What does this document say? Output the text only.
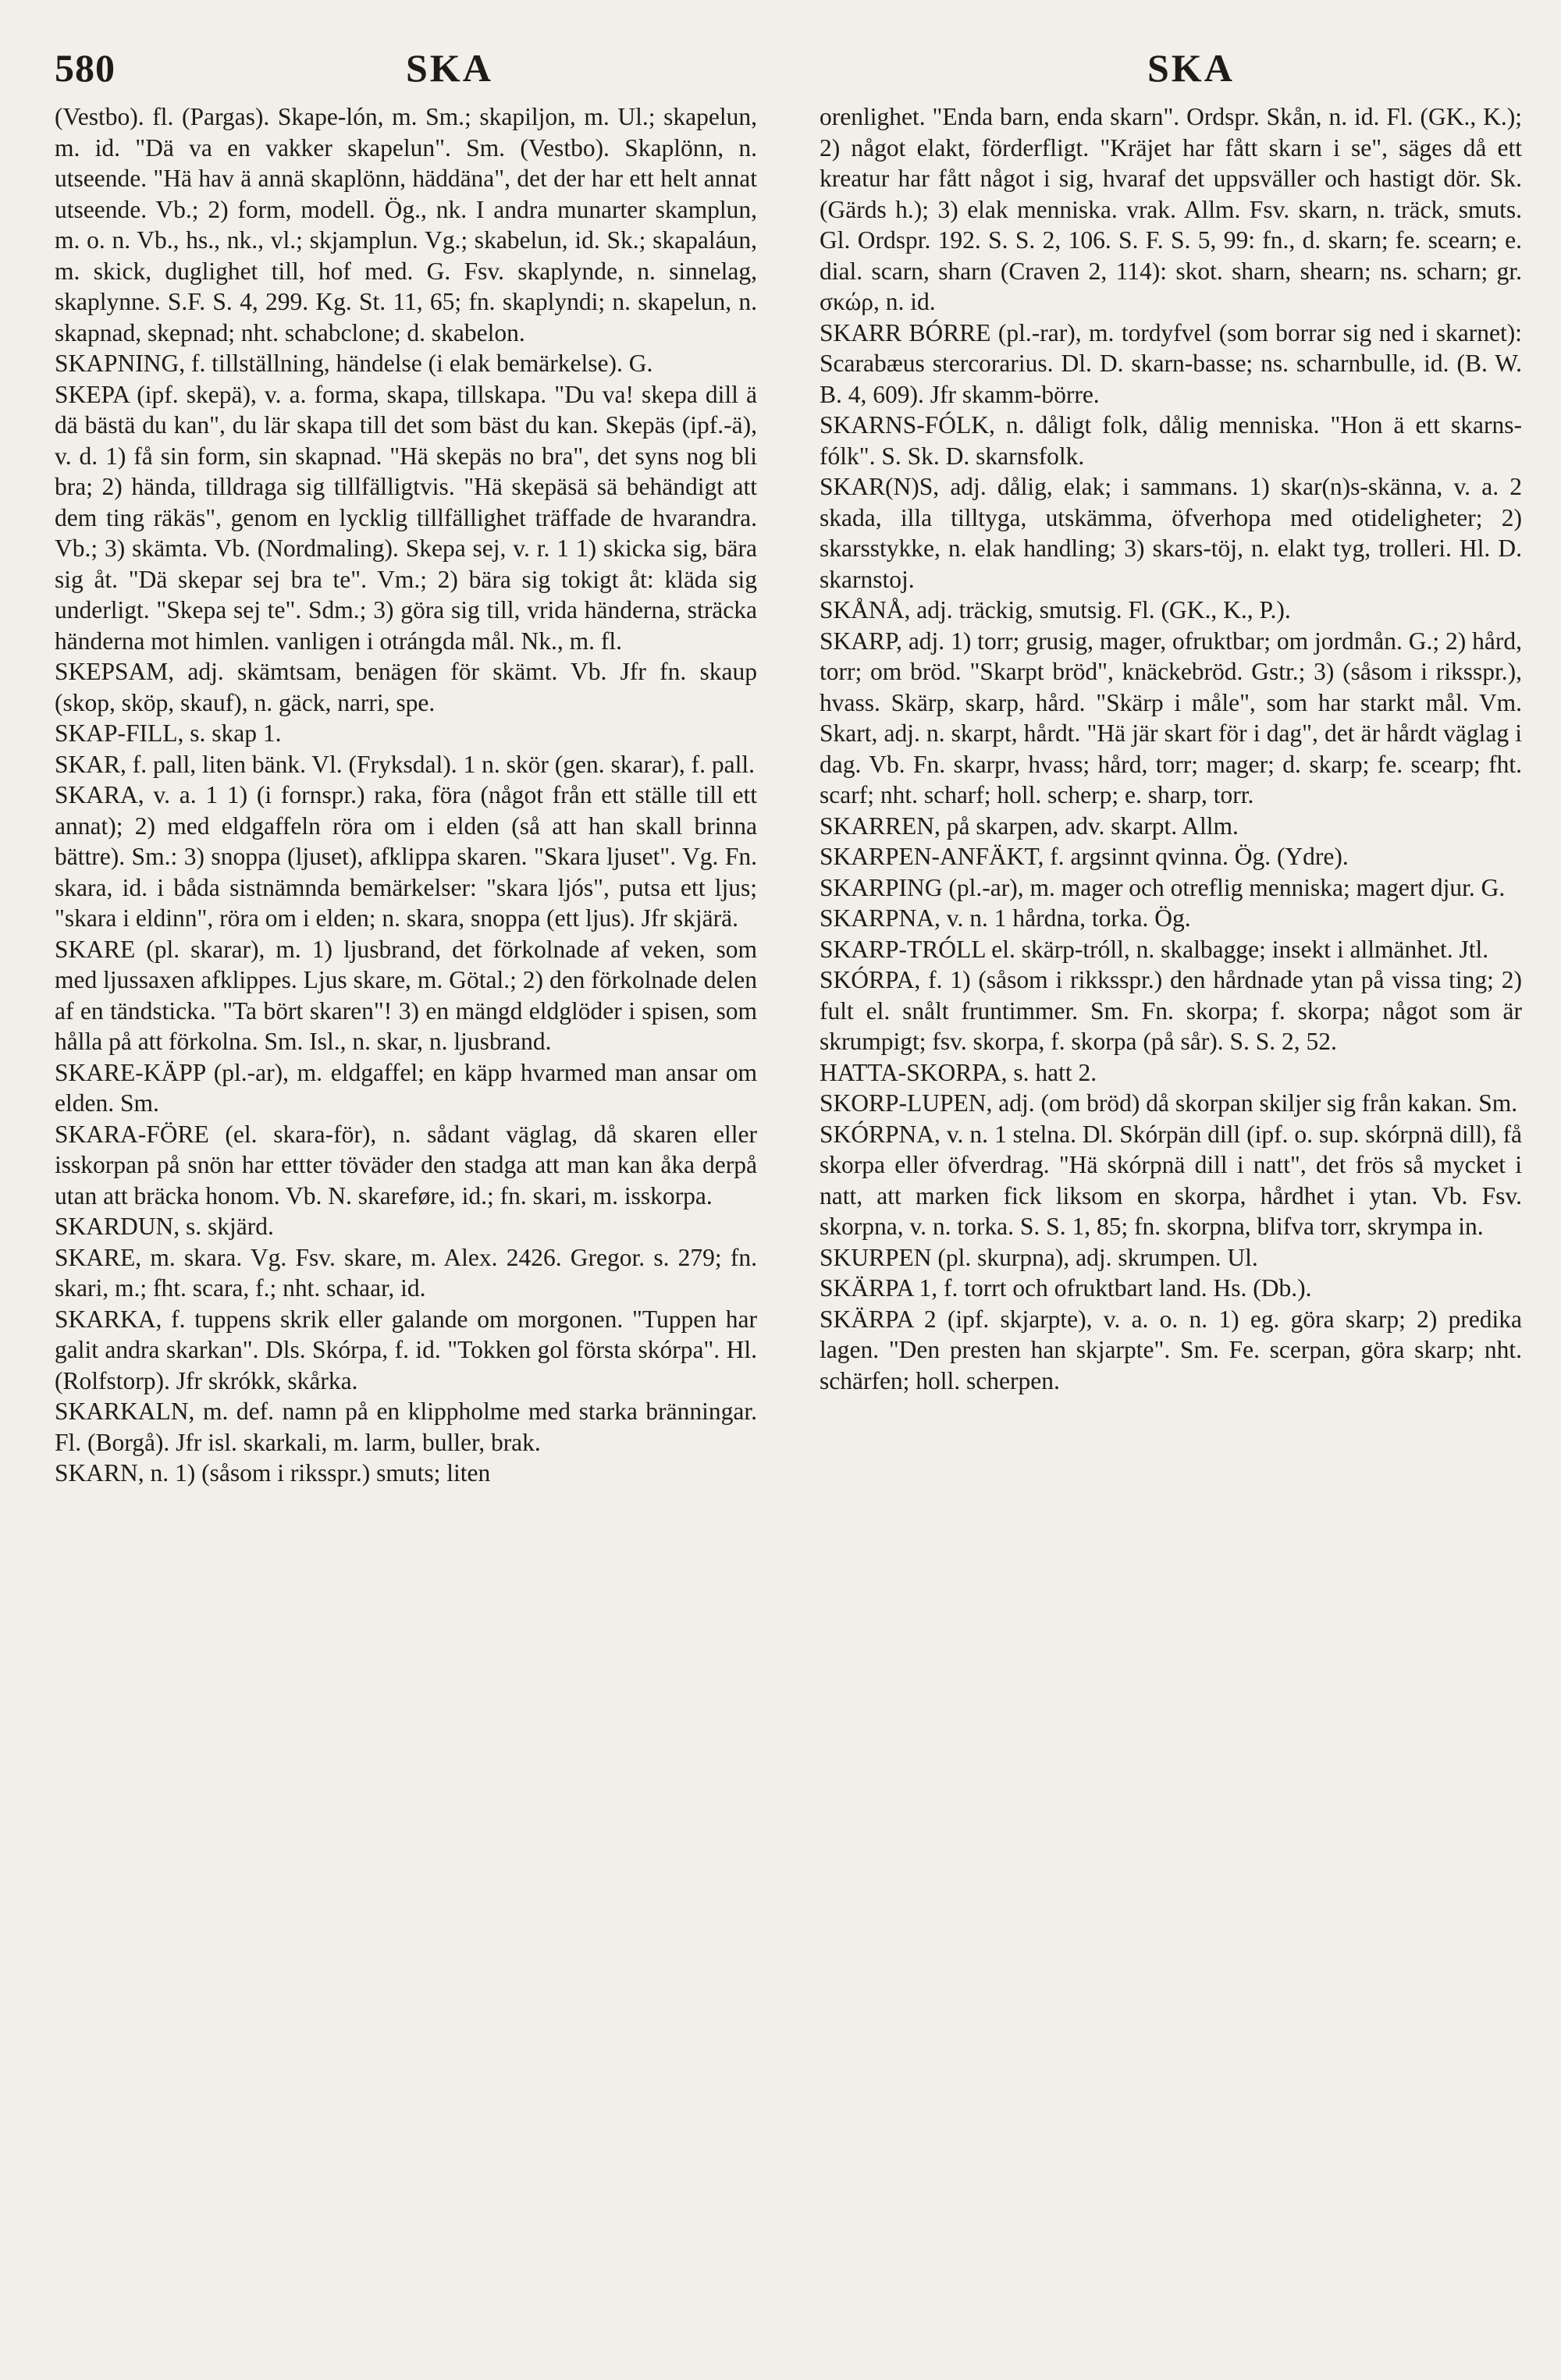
580	SKA	SKA

(Vestbo). fl. (Pargas). Skape-lón, m. Sm.; skapiljon, m. Ul.; skapelun, m. id. "Dä va en vakker skapelun". Sm. (Vestbo). Skaplönn, n. utseende. "Hä hav ä annä skaplönn, häddäna", det der har ett helt annat utseende. Vb.; 2) form, modell. Ög., nk. I andra munarter skamplun, m. o. n. Vb., hs., nk., vl.; skjamplun. Vg.; skabelun, id. Sk.; skapaláun, m. skick, duglighet till, hof med. G. Fsv. skaplynde, n. sinnelag, skaplynne. S.F. S. 4, 299. Kg. St. 11, 65; fn. skaplyndi; n. skapelun, n. skapnad, skepnad; nht. schabclone; d. skabelon.

SKAPNING, f. tillställning, händelse (i elak bemärkelse). G.

SKEPA (ipf. skepä), v. a. forma, skapa, tillskapa. "Du va! skepa dill ä dä bästä du kan", du lär skapa till det som bäst du kan. Skepäs (ipf.-ä), v. d. 1) få sin form, sin skapnad. "Hä skepäs no bra", det syns nog bli bra; 2) hända, tilldraga sig tillfälligtvis. "Hä skepäsä sä behändigt att dem ting räkäs", genom en lycklig tillfällighet träffade de hvarandra. Vb.; 3) skämta. Vb. (Nordmaling). Skepa sej, v. r. 1 1) skicka sig, bära sig åt. "Dä skepar sej bra te". Vm.; 2) bära sig tokigt åt: kläda sig underligt. "Skepa sej te". Sdm.; 3) göra sig till, vrida händerna, sträcka händerna mot himlen. vanligen i otrángda mål. Nk., m. fl.

SKEPSAM, adj. skämtsam, benägen för skämt. Vb. Jfr fn. skaup (skop, sköp, skauf), n. gäck, narri, spe.

SKAP-FILL, s. skap 1.

SKAR, f. pall, liten bänk. Vl. (Fryksdal). 1 n. skör (gen. skarar), f. pall.

SKARA, v. a. 1 1) (i fornspr.) raka, föra (något från ett ställe till ett annat); 2) med eldgaffeln röra om i elden (så att han skall brinna bättre). Sm.: 3) snoppa (ljuset), afklippa skaren. "Skara ljuset". Vg. Fn. skara, id. i båda sistnämnda bemärkelser: "skara ljós", putsa ett ljus; "skara i eldinn", röra om i elden; n. skara, snoppa (ett ljus). Jfr skjärä.

SKARE (pl. skarar), m. 1) ljusbrand, det förkolnade af veken, som med ljussaxen afklippes. Ljus skare, m. Götal.; 2) den förkolnade delen af en tändsticka. "Ta bört skaren"! 3) en mängd eldglöder i spisen, som hålla på att förkolna. Sm. Isl., n. skar, n. ljusbrand.

SKARE-KÄPP (pl.-ar), m. eldgaffel; en käpp hvarmed man ansar om elden. Sm.

SKARA-FÖRE (el. skara-för), n. sådant väglag, då skaren eller isskorpan på snön har ettter töväder den stadga att man kan åka derpå utan att bräcka honom. Vb. N. skareføre, id.; fn. skari, m. isskorpa.

SKARDUN, s. skjärd.

SKARE, m. skara. Vg. Fsv. skare, m. Alex. 2426. Gregor. s. 279; fn. skari, m.; fht. scara, f.; nht. schaar, id.

SKARKA, f. tuppens skrik eller galande om morgonen. "Tuppen har galit andra skarkan". Dls. Skórpa, f. id. "Tokken gol första skórpa". Hl. (Rolfstorp). Jfr skrókk, skårka.

SKARKALN, m. def. namn på en klippholme med starka bränningar. Fl. (Borgå). Jfr isl. skarkali, m. larm, buller, brak.

SKARN, n. 1) (såsom i riksspr.) smuts; liten

orenlighet. "Enda barn, enda skarn". Ordspr. Skån, n. id. Fl. (GK., K.); 2) något elakt, förderfligt. "Kräjet har fått skarn i se", säges då ett kreatur har fått något i sig, hvaraf det uppsväller och hastigt dör. Sk. (Gärds h.); 3) elak menniska. vrak. Allm. Fsv. skarn, n. träck, smuts. Gl. Ordspr. 192. S. S. 2, 106. S. F. S. 5, 99: fn., d. skarn; fe. scearn; e. dial. scarn, sharn (Craven 2, 114): skot. sharn, shearn; ns. scharn; gr. σκώρ, n. id.

SKARR BÓRRE (pl.-rar), m. tordyfvel (som borrar sig ned i skarnet): Scarabæus stercorarius. Dl. D. skarn-basse; ns. scharnbulle, id. (B. W. B. 4, 609). Jfr skamm-börre.

SKARNS-FÓLK, n. dåligt folk, dålig menniska. "Hon ä ett skarns-fólk". S. Sk. D. skarnsfolk.

SKAR(N)S, adj. dålig, elak; i sammans. 1) skar(n)s-skänna, v. a. 2 skada, illa tilltyga, utskämma, öfverhopa med otideligheter; 2) skarsstykke, n. elak handling; 3) skars-töj, n. elakt tyg, trolleri. Hl. D. skarnstoj.

SKÅNÅ, adj. träckig, smutsig. Fl. (GK., K., P.).

SKARP, adj. 1) torr; grusig, mager, ofruktbar; om jordmån. G.; 2) hård, torr; om bröd. "Skarpt bröd", knäckebröd. Gstr.; 3) (såsom i riksspr.), hvass. Skärp, skarp, hård. "Skärp i måle", som har starkt mål. Vm. Skart, adj. n. skarpt, hårdt. "Hä jär skart för i dag", det är hårdt väglag i dag. Vb. Fn. skarpr, hvass; hård, torr; mager; d. skarp; fe. scearp; fht. scarf; nht. scharf; holl. scherp; e. sharp, torr.

SKARREN, på skarpen, adv. skarpt. Allm.

SKARPEN-ANFÄKT, f. argsinnt qvinna. Ög. (Ydre).

SKARPING (pl.-ar), m. mager och otreflig menniska; magert djur. G.

SKARPNA, v. n. 1 hårdna, torka. Ög.

SKARP-TRÓLL el. skärp-tróll, n. skalbagge; insekt i allmänhet. Jtl.

SKÓRPA, f. 1) (såsom i rikksspr.) den hårdnade ytan på vissa ting; 2) fult el. snålt fruntimmer. Sm. Fn. skorpa; f. skorpa; något som är skrumpigt; fsv. skorpa, f. skorpa (på sår). S. S. 2, 52.

HATTA-SKORPA, s. hatt 2.

SKORP-LUPEN, adj. (om bröd) då skorpan skiljer sig från kakan. Sm.

SKÓRPNA, v. n. 1 stelna. Dl. Skórpän dill (ipf. o. sup. skórpnä dill), få skorpa eller öfverdrag. "Hä skórpnä dill i natt", det frös så mycket i natt, att marken fick liksom en skorpa, hårdhet i ytan. Vb. Fsv. skorpna, v. n. torka. S. S. 1, 85; fn. skorpna, blifva torr, skrympa in.

SKURPEN (pl. skurpna), adj. skrumpen. Ul.

SKÄRPA 1, f. torrt och ofruktbart land. Hs. (Db.).

SKÄRPA 2 (ipf. skjarpte), v. a. o. n. 1) eg. göra skarp; 2) predika lagen. "Den presten han skjarpte". Sm. Fe. scerpan, göra skarp; nht. schärfen; holl. scherpen.
